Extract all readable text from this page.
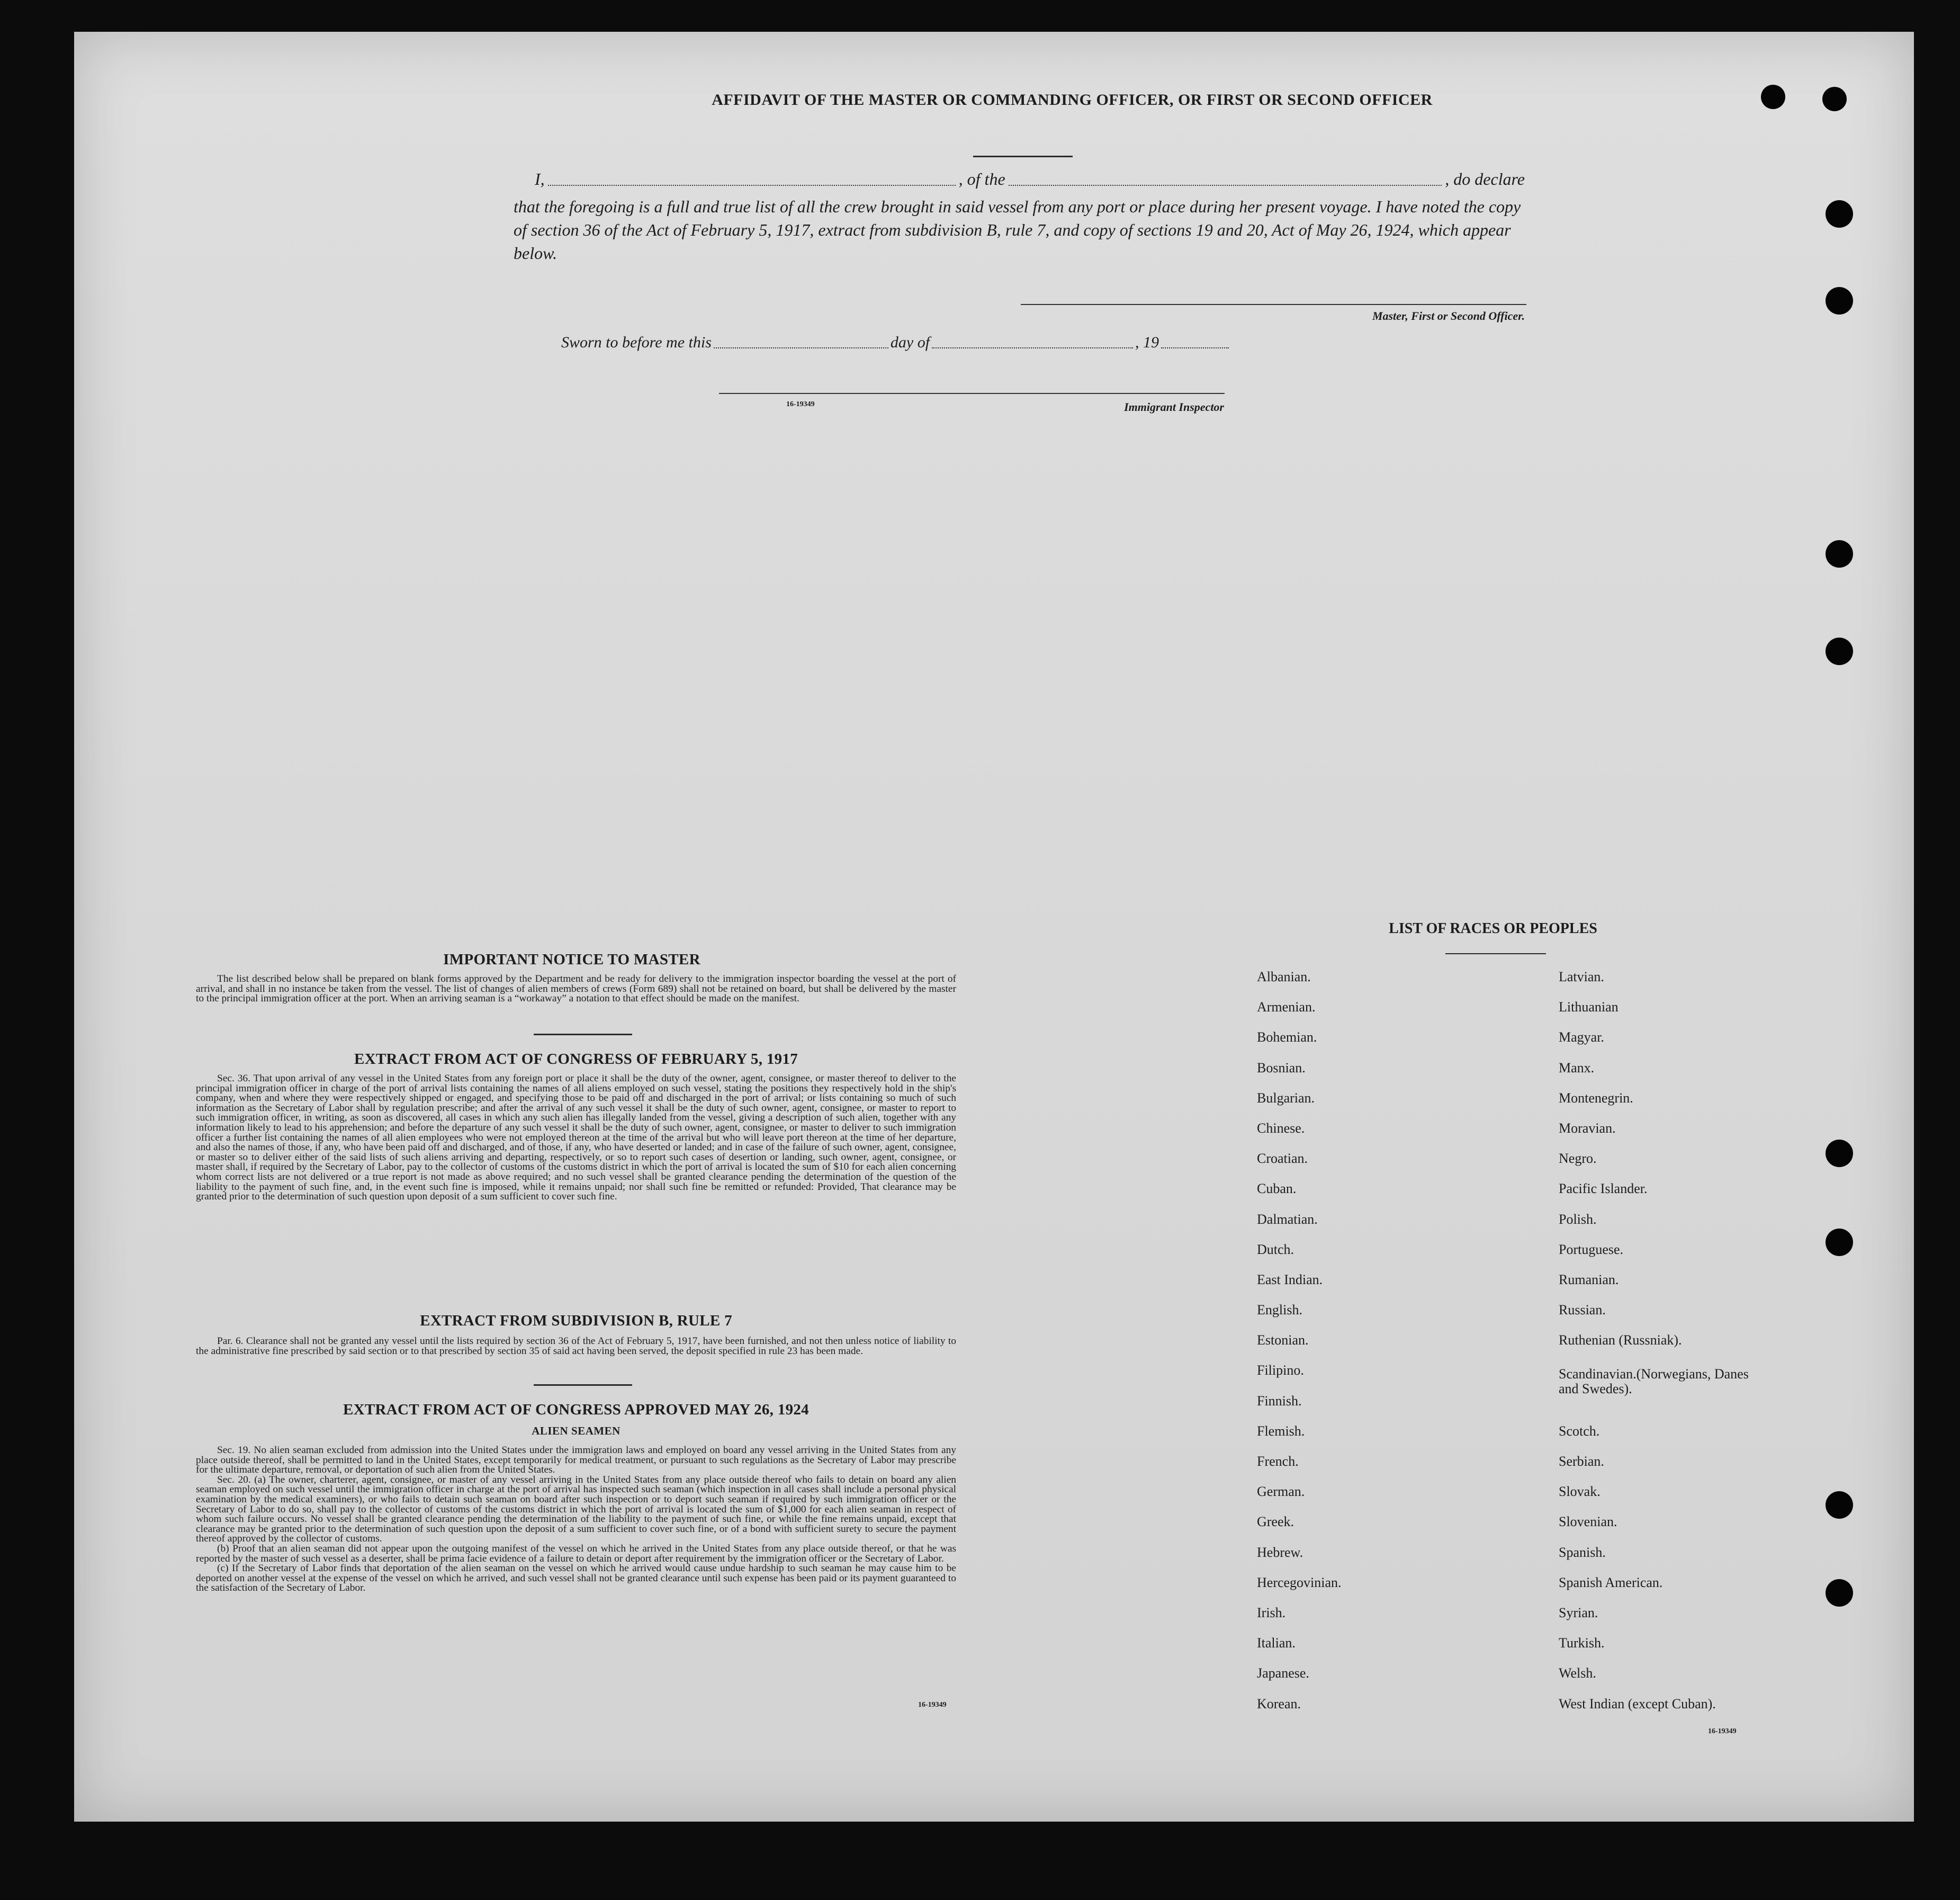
AFFIDAVIT OF THE MASTER OR COMMANDING OFFICER, OR FIRST OR SECOND OFFICER
I,	, of the	, do declare
that the foregoing is a full and true list of all the crew brought in said vessel from any port or place during her present voyage. I have noted the copy of section 36 of the Act of February 5, 1917, extract from subdivision B, rule 7, and copy of sections 19 and 20, Act of May 26, 1924, which appear below.
Master, First or Second Officer.
Sworn to before me this	day of	, 19
16-19349	Immigrant Inspector
IMPORTANT NOTICE TO MASTER

The list described below shall be prepared on blank forms approved by the Department and be ready for delivery to the immigration inspector boarding the vessel at the port of arrival, and shall in no instance be taken from the vessel. The list of changes of alien members of crews (Form 689) shall not be retained on board, but shall be delivered by the master to the principal immigration officer at the port. When an arriving seaman is a “workaway” a notation to that effect should be made on the manifest.

EXTRACT FROM ACT OF CONGRESS OF FEBRUARY 5, 1917

Sec. 36. That upon arrival of any vessel in the United States from any foreign port or place it shall be the duty of the owner, agent, consignee, or master thereof to deliver to the principal immigration officer in charge of the port of arrival lists containing the names of all aliens employed on such vessel, stating the positions they respectively hold in the ship's company, when and where they were respectively shipped or engaged, and specifying those to be paid off and discharged in the port of arrival; or lists containing so much of such information as the Secretary of Labor shall by regulation prescribe; and after the arrival of any such vessel it shall be the duty of such owner, agent, consignee, or master to report to such immigration officer, in writing, as soon as discovered, all cases in which any such alien has illegally landed from the vessel, giving a description of such alien, together with any information likely to lead to his apprehension; and before the departure of any such vessel it shall be the duty of such owner, agent, consignee, or master to deliver to such immigration officer a further list containing the names of all alien employees who were not employed thereon at the time of the arrival but who will leave port thereon at the time of her departure, and also the names of those, if any, who have been paid off and discharged, and of those, if any, who have deserted or landed; and in case of the failure of such owner, agent, consignee, or master so to deliver either of the said lists of such aliens arriving and departing, respectively, or so to report such cases of desertion or landing, such owner, agent, consignee, or master shall, if required by the Secretary of Labor, pay to the collector of customs of the customs district in which the port of arrival is located the sum of $10 for each alien concerning whom correct lists are not delivered or a true report is not made as above required; and no such vessel shall be granted clearance pending the determination of the question of the liability to the payment of such fine, and, in the event such fine is imposed, while it remains unpaid; nor shall such fine be remitted or refunded: Provided, That clearance may be granted prior to the determination of such question upon deposit of a sum sufficient to cover such fine.

EXTRACT FROM SUBDIVISION B, RULE 7

Par. 6. Clearance shall not be granted any vessel until the lists required by section 36 of the Act of February 5, 1917, have been furnished, and not then unless notice of liability to the administrative fine prescribed by said section or to that prescribed by section 35 of said act having been served, the deposit specified in rule 23 has been made.

EXTRACT FROM ACT OF CONGRESS APPROVED MAY 26, 1924
ALIEN SEAMEN

Sec. 19. No alien seaman excluded from admission into the United States under the immigration laws and employed on board any vessel arriving in the United States from any place outside thereof, shall be permitted to land in the United States, except temporarily for medical treatment, or pursuant to such regulations as the Secretary of Labor may prescribe for the ultimate departure, removal, or deportation of such alien from the United States.

Sec. 20. (a) The owner, charterer, agent, consignee, or master of any vessel arriving in the United States from any place outside thereof who fails to detain on board any alien seaman employed on such vessel until the immigration officer in charge at the port of arrival has inspected such seaman (which inspection in all cases shall include a personal physical examination by the medical examiners), or who fails to detain such seaman on board after such inspection or to deport such seaman if required by such immigration officer or the Secretary of Labor to do so, shall pay to the collector of customs of the customs district in which the port of arrival is located the sum of $1,000 for each alien seaman in respect of whom such failure occurs. No vessel shall be granted clearance pending the determination of the liability to the payment of such fine, or while the fine remains unpaid, except that clearance may be granted prior to the determination of such question upon the deposit of a sum sufficient to cover such fine, or of a bond with sufficient surety to secure the payment thereof approved by the collector of customs.

(b) Proof that an alien seaman did not appear upon the outgoing manifest of the vessel on which he arrived in the United States from any place outside thereof, or that he was reported by the master of such vessel as a deserter, shall be prima facie evidence of a failure to detain or deport after requirement by the immigration officer or the Secretary of Labor.

(c) If the Secretary of Labor finds that deportation of the alien seaman on the vessel on which he arrived would cause undue hardship to such seaman he may cause him to be deported on another vessel at the expense of the vessel on which he arrived, and such vessel shall not be granted clearance until such expense has been paid or its payment guaranteed to the satisfaction of the Secretary of Labor.

16-19349
LIST OF RACES OR PEOPLES
Albanian.
Armenian.
Bohemian.
Bosnian.
Bulgarian.
Chinese.
Croatian.
Cuban.
Dalmatian.
Dutch.
East Indian.
English.
Estonian.
Filipino.
Finnish.
Flemish.
French.
German.
Greek.
Hebrew.
Hercegovinian.
Irish.
Italian.
Japanese.
Korean.
Latvian.
Lithuanian
Magyar.
Manx.
Montenegrin.
Moravian.
Negro.
Pacific Islander.
Polish.
Portuguese.
Rumanian.
Russian.
Ruthenian (Russniak).
Scandinavian.(Norwegians, Danes and Swedes).
Scotch.
Serbian.
Slovak.
Slovenian.
Spanish.
Spanish American.
Syrian.
Turkish.
Welsh.
West Indian (except Cuban).
16-19349
